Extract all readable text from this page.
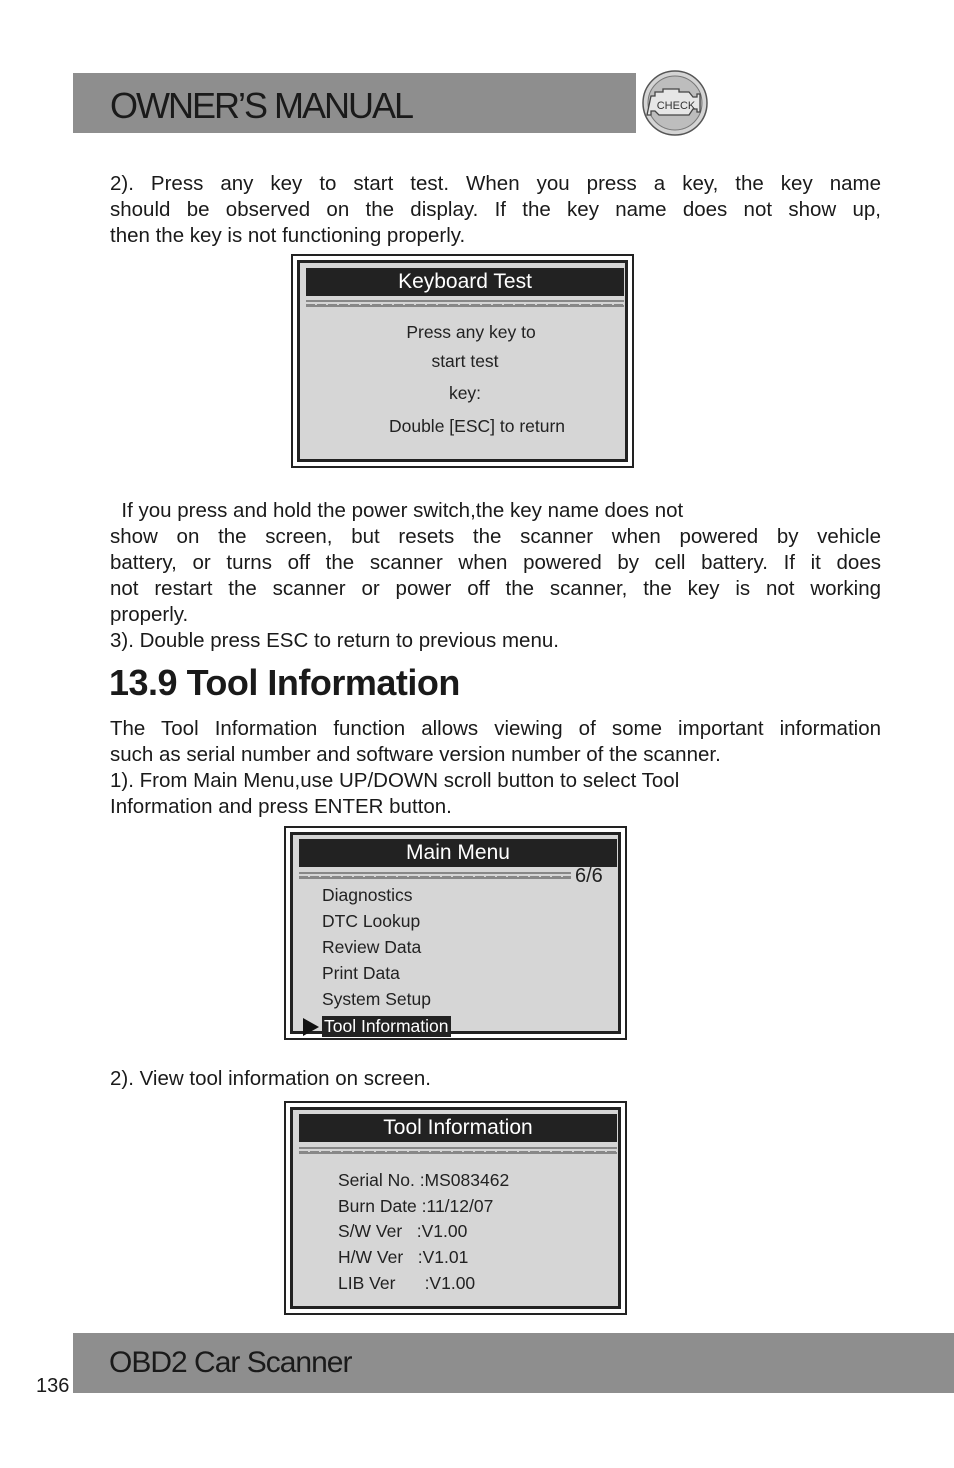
OWNER’S MANUAL	CHECK
2). Press any key to start test. When you press a key, the key name
should be observed on the display. If the key name does not show up,
then the key is not functioning properly.
Keyboard Test
Press any key to
start test
key:
Double [ESC] to return
If you press and hold the power switch,the key name does not
show on the screen, but resets the scanner when powered by vehicle
battery, or turns off the scanner when powered by cell battery. If it does
not restart the scanner or power off the scanner, the key is not working
properly.
3). Double press ESC to return to previous menu.
13.9 Tool Information
The Tool Information function allows viewing of some important information
such as serial number and software version number of the scanner.
1). From Main Menu,use UP/DOWN scroll button to select Tool
Information and press ENTER button.
Main Menu
6/6
Diagnostics
DTC Lookup
Review Data
Print Data
System Setup
Tool Information
2). View tool information on screen.
Tool Information
Serial No. :MS083462
Burn Date :11/12/07
S/W Ver   :V1.00
H/W Ver   :V1.01
LIB Ver      :V1.00
OBD2 Car Scanner
136
